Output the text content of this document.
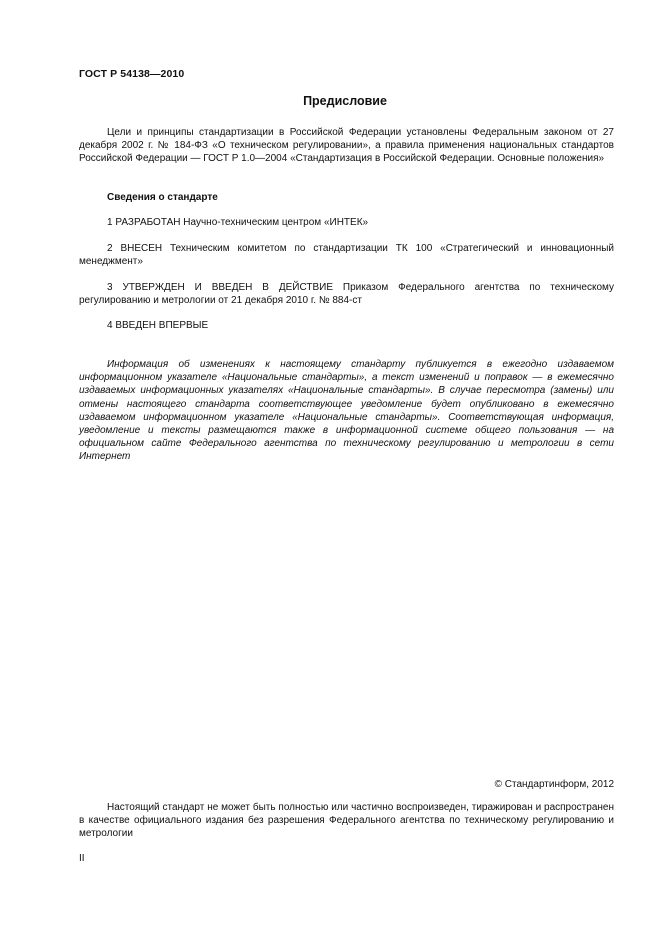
ГОСТ Р 54138—2010
Предисловие

Цели и принципы стандартизации в Российской Федерации установлены Федеральным законом от 27 декабря 2002 г. № 184-ФЗ «О техническом регулировании», а правила применения национальных стандартов Российской Федерации — ГОСТ Р 1.0—2004 «Стандартизация в Российской Федерации. Основные положения»

Сведения о стандарте

1 РАЗРАБОТАН Научно-техническим центром «ИНТЕК»

2 ВНЕСЕН Техническим комитетом по стандартизации ТК 100 «Стратегический и инновационный менеджмент»

3 УТВЕРЖДЕН И ВВЕДЕН В ДЕЙСТВИЕ Приказом Федерального агентства по техническому регулированию и метрологии от 21 декабря 2010 г. № 884-ст

4 ВВЕДЕН ВПЕРВЫЕ

Информация об изменениях к настоящему стандарту публикуется в ежегодно издаваемом информационном указателе «Национальные стандарты», а текст изменений и поправок — в ежемесячно издаваемых информационных указателях «Национальные стандарты». В случае пересмотра (замены) или отмены настоящего стандарта соответствующее уведомление будет опубликовано в ежемесячно издаваемом информационном указателе «Национальные стандарты». Соответствующая информация, уведомление и тексты размещаются также в информационной системе общего пользования — на официальном сайте Федерального агентства по техническому регулированию и метрологии в сети Интернет

© Стандартинформ, 2012

Настоящий стандарт не может быть полностью или частично воспроизведен, тиражирован и распространен в качестве официального издания без разрешения Федерального агентства по техническому регулированию и метрологии

II
